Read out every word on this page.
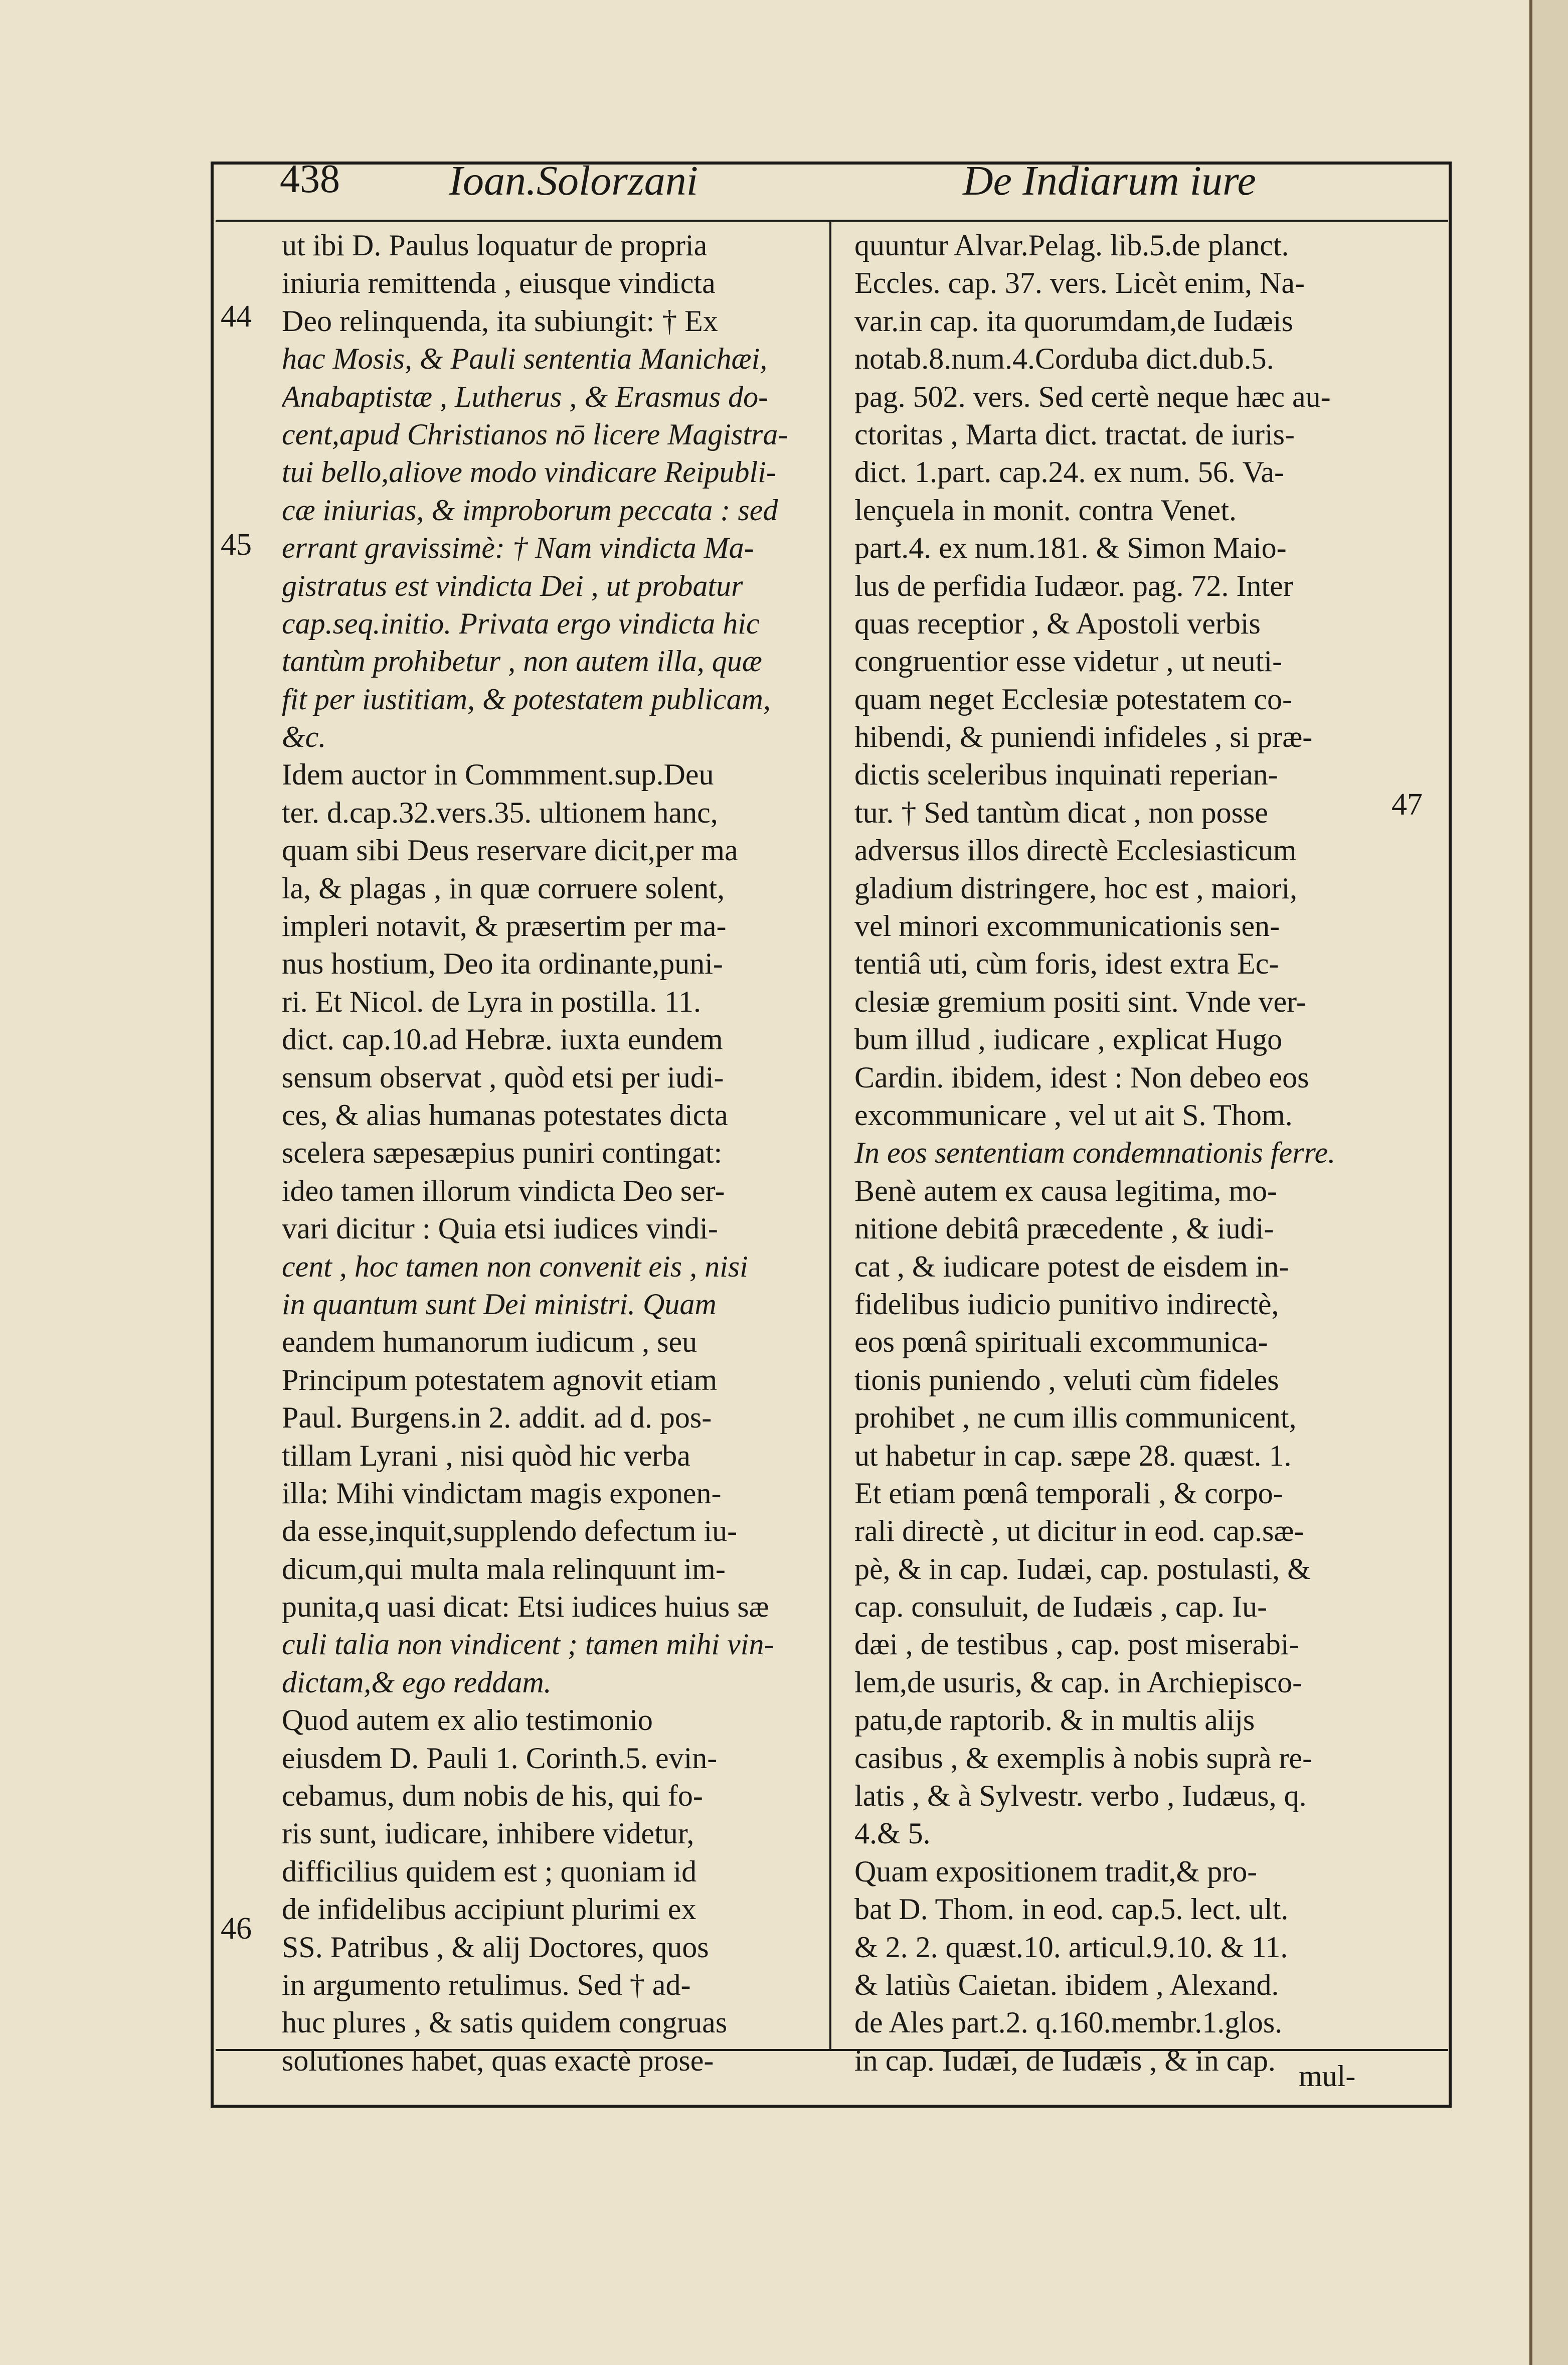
438	Ioan.Solorzani	De Indiarum iure
44
45
46
47
ut ibi D. Paulus loquatur de propria
iniuria remittenda , eiusque vindicta
Deo relinquenda, ita subiungit: † Ex
hac Mosis, & Pauli sententia Manichæi,
Anabaptistæ , Lutherus , & Erasmus do-
cent,apud Christianos nō licere Magistra-
tui bello,aliove modo vindicare Reipubli-
cæ iniurias, & improborum peccata : sed
errant gravissimè: † Nam vindicta Ma-
gistratus est vindicta Dei , ut probatur
cap.seq.initio. Privata ergo vindicta hic
tantùm prohibetur , non autem illa, quæ
fit per iustitiam, & potestatem publicam,
&c.
Idem auctor in Commment.sup.Deu
ter. d.cap.32.vers.35. ultionem hanc,
quam sibi Deus reservare dicit,per ma
la, & plagas , in quæ corruere solent,
impleri notavit, & præsertim per ma-
nus hostium, Deo ita ordinante,puni-
ri. Et Nicol. de Lyra in postilla. 11.
dict. cap.10.ad Hebræ. iuxta eundem
sensum observat , quòd etsi per iudi-
ces, & alias humanas potestates dicta
scelera sæpesæpius puniri contingat:
ideo tamen illorum vindicta Deo ser-
vari dicitur : Quia etsi iudices vindi-
cent , hoc tamen non convenit eis , nisi
in quantum sunt Dei ministri. Quam
eandem humanorum iudicum , seu
Principum potestatem agnovit etiam
Paul. Burgens.in 2. addit. ad d. pos-
tillam Lyrani , nisi quòd hic verba
illa: Mihi vindictam magis exponen-
da esse,inquit,supplendo defectum iu-
dicum,qui multa mala relinquunt im-
punita,q uasi dicat: Etsi iudices huius sæ
culi talia non vindicent ; tamen mihi vin-
dictam,& ego reddam.
Quod autem ex alio testimonio
eiusdem D. Pauli 1. Corinth.5. evin-
cebamus, dum nobis de his, qui fo-
ris sunt, iudicare, inhibere videtur,
difficilius quidem est ; quoniam id
de infidelibus accipiunt plurimi ex
SS. Patribus , & alij Doctores, quos
in argumento retulimus. Sed † ad-
huc plures , & satis quidem congruas
solutiones habet, quas exactè prose-
quuntur Alvar.Pelag. lib.5.de planct.
Eccles. cap. 37. vers. Licèt enim, Na-
var.in cap. ita quorumdam,de Iudæis
notab.8.num.4.Corduba dict.dub.5.
pag. 502. vers. Sed certè neque hæc au-
ctoritas , Marta dict. tractat. de iuris-
dict. 1.part. cap.24. ex num. 56. Va-
lençuela in monit. contra Venet.
part.4. ex num.181. & Simon Maio-
lus de perfidia Iudæor. pag. 72. Inter
quas receptior , & Apostoli verbis
congruentior esse videtur , ut neuti-
quam neget Ecclesiæ potestatem co-
hibendi, & puniendi infideles , si præ-
dictis sceleribus inquinati reperian-
tur. † Sed tantùm dicat , non posse
adversus illos directè Ecclesiasticum
gladium distringere, hoc est , maiori,
vel minori excommunicationis sen-
tentiâ uti, cùm foris, idest extra Ec-
clesiæ gremium positi sint. Vnde ver-
bum illud , iudicare , explicat Hugo
Cardin. ibidem, idest : Non debeo eos
excommunicare , vel ut ait S. Thom.
In eos sententiam condemnationis ferre.
Benè autem ex causa legitima, mo-
nitione debitâ præcedente , & iudi-
cat , & iudicare potest de eisdem in-
fidelibus iudicio punitivo indirectè,
eos pœnâ spirituali excommunica-
tionis puniendo , veluti cùm fideles
prohibet , ne cum illis communicent,
ut habetur in cap. sæpe 28. quæst. 1.
Et etiam pœnâ temporali , & corpo-
rali directè , ut dicitur in eod. cap.sæ-
pè, & in cap. Iudæi, cap. postulasti, &
cap. consuluit, de Iudæis , cap. Iu-
dæi , de testibus , cap. post miserabi-
lem,de usuris, & cap. in Archiepisco-
patu,de raptorib. & in multis alijs
casibus , & exemplis à nobis suprà re-
latis , & à Sylvestr. verbo , Iudæus, q.
4.& 5.
Quam expositionem tradit,& pro-
bat D. Thom. in eod. cap.5. lect. ult.
& 2. 2. quæst.10. articul.9.10. & 11.
& latiùs Caietan. ibidem , Alexand.
de Ales part.2. q.160.membr.1.glos.
in cap. Iudæi, de Iudæis , & in cap. mul-
